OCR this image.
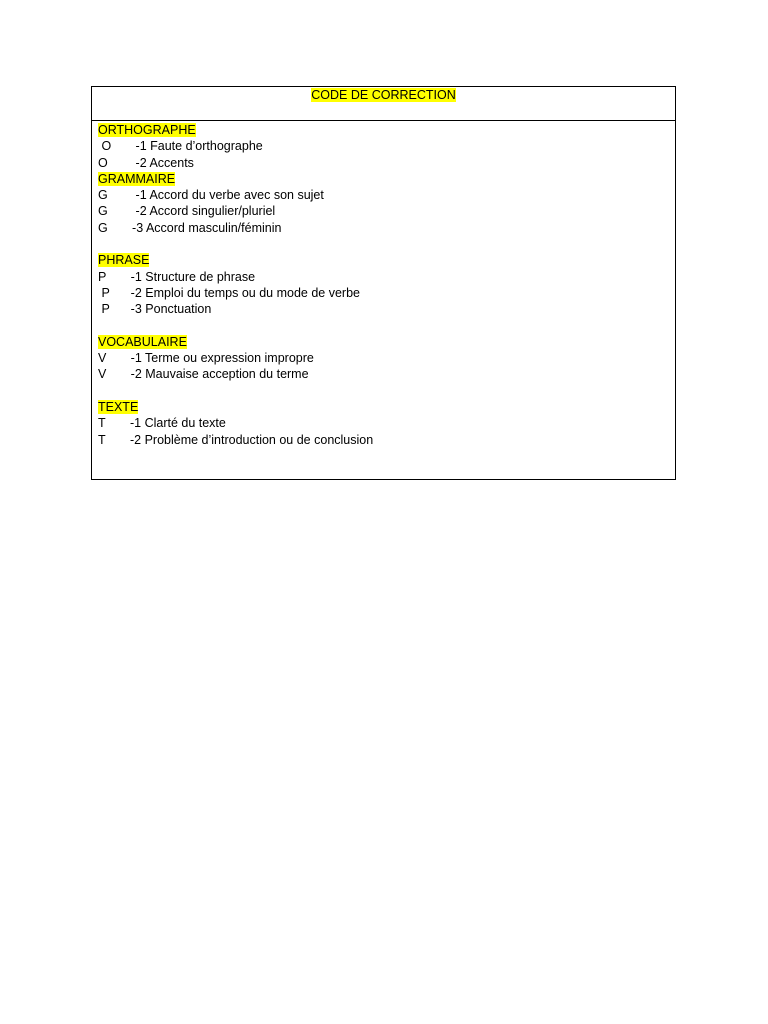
CODE DE CORRECTION
ORTHOGRAPHE
O -1 Faute d’orthographe
O -2 Accents
GRAMMAIRE
G -1 Accord du verbe avec son sujet
G -2 Accord singulier/pluriel
G -3 Accord masculin/féminin
PHRASE
P -1 Structure de phrase
P -2 Emploi du temps ou du mode de verbe
P -3 Ponctuation
VOCABULAIRE
V -1 Terme ou expression impropre
V -2 Mauvaise acception du terme
TEXTE
T -1 Clarté du texte
T -2 Problème d’introduction ou de conclusion
